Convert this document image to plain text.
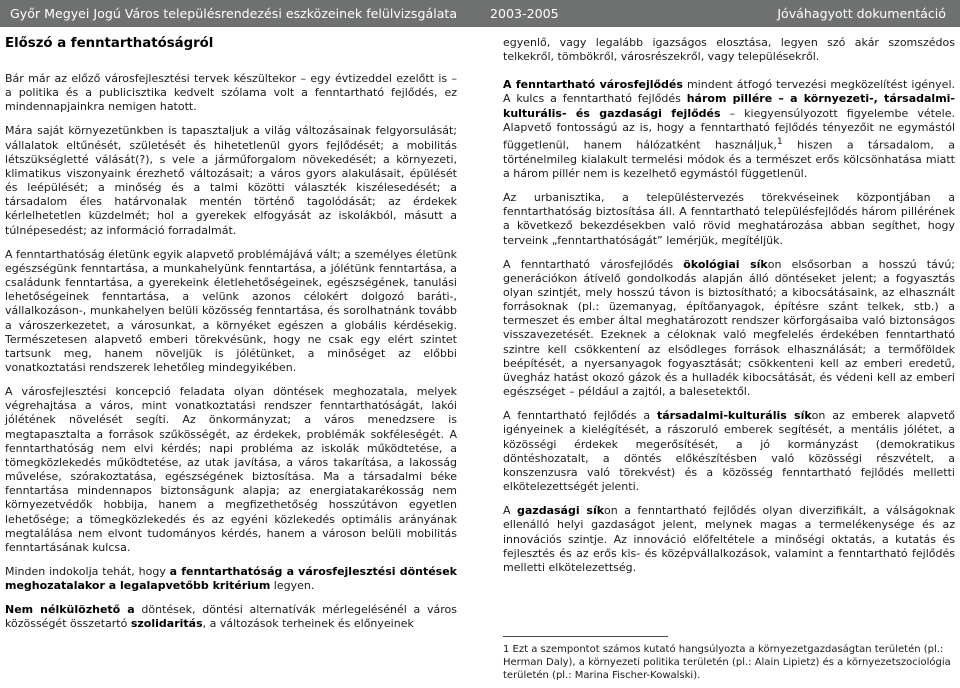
Győr Megyei Jogú Város településrendezési eszközeinek felülvizsgálata	2003-2005	Jóváhagyott dokumentáció
Előszó a fenntarthatóságról

Bár már az előző városfejlesztési tervek készültekor – egy évtizeddel ezelőtt is – a politika és a publicisztika kedvelt szólama volt a fenntartható fejlődés, ez mindennapjainkra nemigen hatott.

Mára saját környezetünkben is tapasztaljuk a világ változásainak felgyorsulását; vállalatok eltűnését, születését és hihetetlenül gyors fejlődését; a mobilitás létszükségletté válását(?), s vele a járműforgalom növekedését; a környezeti, klimatikus viszonyaink érezhető változásait; a város gyors alakulásait, épülését és leépülését; a minőség és a talmi közötti választék kiszélesedését; a társadalom éles határvonalak mentén történő tagolódását; az érdekek kérlelhetetlen küzdelmét; hol a gyerekek elfogyását az iskolákból, másutt a túlnépesedést; az információ forradalmát.

A fenntarthatóság életünk egyik alapvető problémájává vált; a személyes életünk egészségünk fenntartása, a munkahelyünk fenntartása, a jólétünk fenntartása, a családunk fenntartása, a gyerekeink életlehetőségeinek, egészségének, tanulási lehetőségeinek fenntartása, a velünk azonos célokért dolgozó baráti-, vállalkozáson-, munkahelyen belüli közösség fenntartása, és sorolhatnánk tovább a városzerkezetet, a városunkat, a környéket egészen a globális kérdésekig. Természetesen alapvető emberi törekvésünk, hogy ne csak egy elért szintet tartsunk meg, hanem növeljük is jólétünket, a minőséget az előbbi vonatkoztatási rendszerek lehetőleg mindegyikében.

A városfejlesztési koncepció feladata olyan döntések meghozatala, melyek végrehajtása a város, mint vonatkoztatási rendszer fenntarthatóságát, lakói jólétének növelését segíti. Az önkormányzat; a város menedzsere is megtapasztalta a források szűkösségét, az érdekek, problémák sokféleségét. A fenntarthatóság nem elvi kérdés; napi probléma az iskolák működtetése, a tömegközlekedés működtetése, az utak javítása, a város takarítása, a lakosság művelése, szórakoztatása, egészségének biztosítása. Ma a társadalmi béke fenntartása mindennapos biztonságunk alapja; az energiatakarékosság nem környezetvédők hobbija, hanem a megfizethetőség hosszútávon egyetlen lehetősége; a tömegközlekedés és az egyéni közlekedés optimális arányának megtalálása nem elvont tudományos kérdés, hanem a városon belüli mobilitás fenntartásának kulcsa.

Minden indokolja tehát, hogy a fenntarthatóság a városfejlesztési döntések meghozatalakor a legalapvetőbb kritérium legyen.

Nem nélkülözhető a döntések, döntési alternatívák mérlegelésénél a város közösségét összetartó szolidaritás, a változások terheinek és előnyeinek

egyenlő, vagy legalább igazságos elosztása, legyen szó akár szomszédos telkekről, tömbökről, városrészekről, vagy településekről.

A fenntartható városfejlődés mindent átfogó tervezési megközelítést igényel. A kulcs a fenntartható fejlődés három pillére – a környezeti-, társadalmi-kulturális- és gazdasági fejlődés – kiegyensúlyozott figyelembe vétele. Alapvető fontosságú az is, hogy a fenntartható fejlődés tényezőit ne egymástól függetlenül, hanem hálózatként használjuk,$^1$ hiszen a társadalom, a történelmileg kialakult termelési módok és a természet erős kölcsönhatása miatt a három pillér nem is kezelhető egymástól függetlenül.

Az urbanisztika, a településtervezés törekvéseinek központjában a fenntarthatóság biztosítása áll. A fenntartható településfejlődés három pillérének a következő bekezdésekben való rövid meghatározása abban segíthet, hogy terveink „fenntarthatóságát” lemérjük, megítéljük.

A fenntartható városfejlődés ökológiai síkon elsősorban a hosszú távú; generációkon átívelő gondolkodás alapján álló döntéseket jelent; a fogyasztás olyan szintjét, mely hosszú távon is biztosítható; a kibocsátásaink, az elhasznált forrásoknak (pl.: üzemanyag, építőanyagok, építésre szánt telkek, stb.) a termeszet és ember által meghatározott rendszer körforgásaiba való biztonságos visszavezetését. Ezeknek a céloknak való megfelelés érdekében fenntartható szintre kell csökkentení az elsődleges források elhasználását; a termőföldek beépítését, a nyersanyagok fogyasztását; csökkenteni kell az emberi eredetű, üvegház hatást okozó gázok és a hulladék kibocsátását, és védeni kell az emberi egészséget – például a zajtól, a balesetektől.

A fenntartható fejlődés a társadalmi-kulturális síkon az emberek alapvető igényeinek a kielégítését, a rászoruló emberek segítését, a mentális jólétet, a közösségi érdekek megerősítését, a jó kormányzást (demokratikus döntéshozatalt, a döntés előkészítésben való közösségi részvételt, a konszenzusra való törekvést) és a közösség fenntartható fejlődés melletti elkötelezettségét jelenti.

A gazdasági síkon a fenntartható fejlődés olyan diverzifikált, a válságoknak ellenálló helyi gazdaságot jelent, melynek magas a termelékenysége és az innovációs szintje. Az innováció előfeltétele a minőségi oktatás, a kutatás és fejlesztés és az erős kis- és középvállalkozások, valamint a fenntartható fejlődés melletti elkötelezettség.

1 Ezt a szempontot számos kutató hangsúlyozta a környezetgazdaságtan területén (pl.: Herman Daly), a környezeti politika területén (pl.: Alain Lipietz) és a környezetszociológia területén (pl.: Marina Fischer-Kowalski).
